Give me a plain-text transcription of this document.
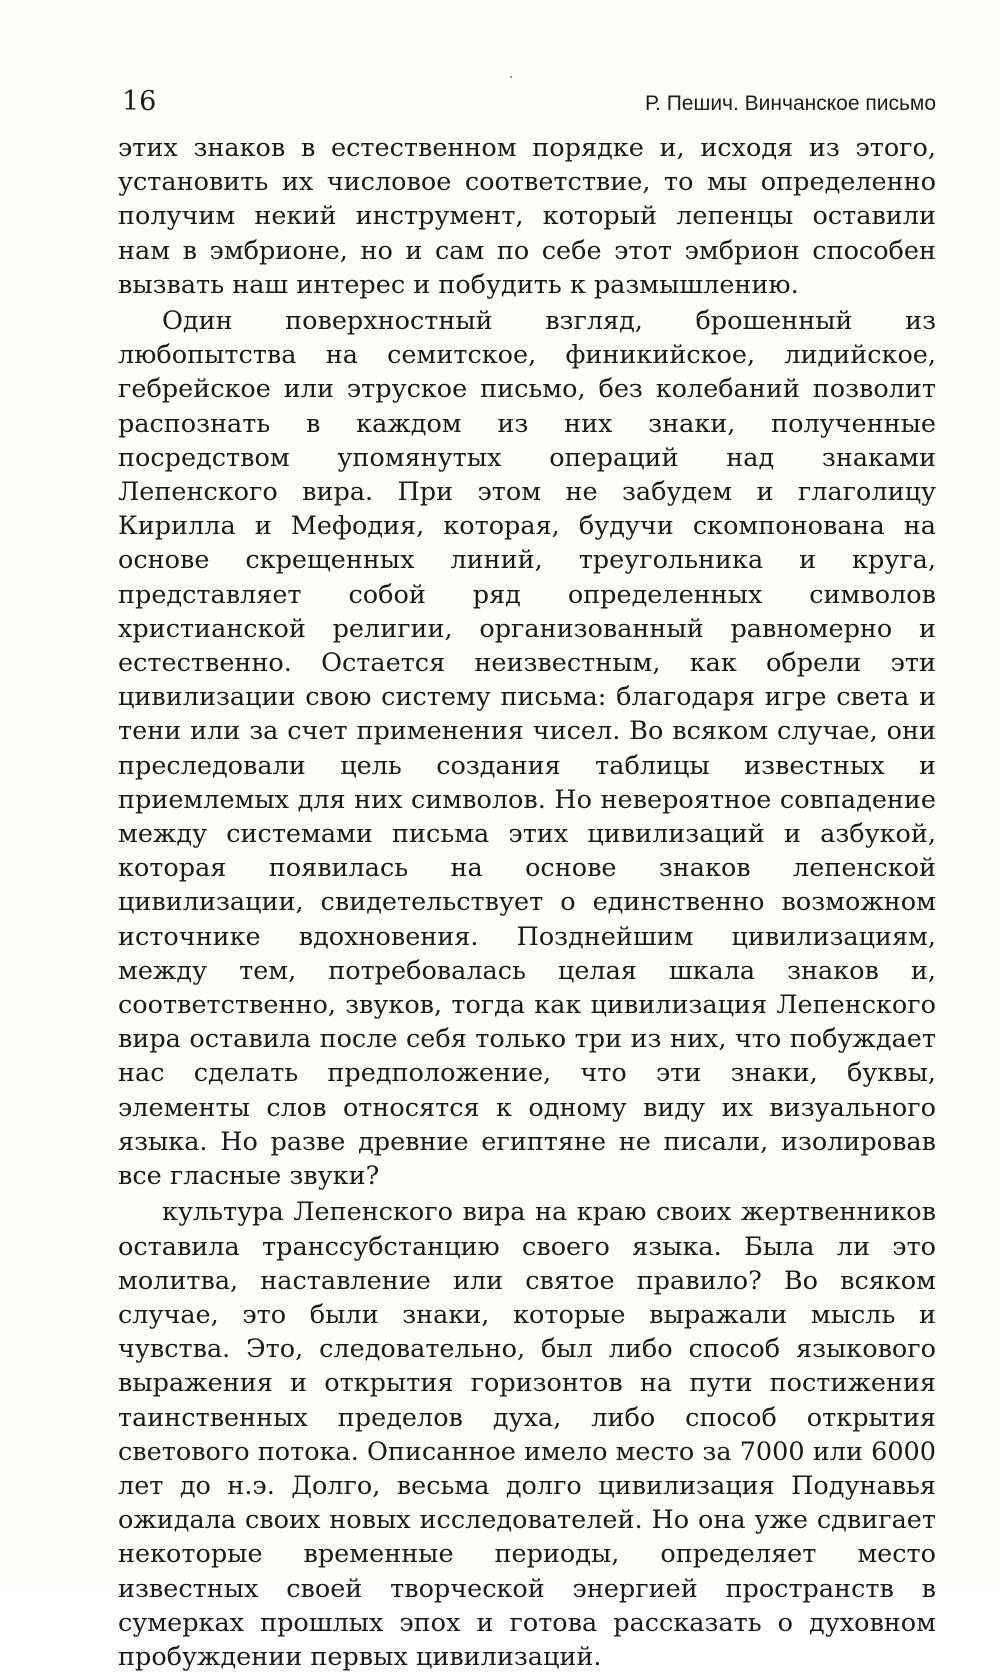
16	Р. Пешич. Винчанское письмо

этих знаков в естественном порядке и, исходя из этого, установить их числовое соответствие, то мы определенно получим некий инструмент, который лепенцы оставили нам в эмбрионе, но и сам по себе этот эмбрион способен вызвать наш интерес и побудить к размышлению.

Один поверхностный взгляд, брошенный из любопытства на семитское, финикийское, лидийское, гебрейское или этруское письмо, без колебаний позволит распознать в каждом из них знаки, полученные посредством упомянутых операций над знаками Лепенского вира. При этом не забудем и глаголицу Кирилла и Мефодия, которая, будучи скомпонована на основе скрещенных линий, треугольника и круга, представляет собой ряд определенных символов христианской религии, организованный равномерно и естественно. Остается неизвестным, как обрели эти цивилизации свою систему письма: благодаря игре света и тени или за счет применения чисел. Во всяком случае, они преследовали цель создания таблицы известных и приемлемых для них символов. Но невероятное совпадение между системами письма этих цивилизаций и азбукой, которая появилась на основе знаков лепенской цивилизации, свидетельствует о единственно возможном источнике вдохновения. Позднейшим цивилизациям, между тем, потребовалась целая шкала знаков и, соответственно, звуков, тогда как цивилизация Лепенского вира оставила после себя только три из них, что побуждает нас сделать предположение, что эти знаки, буквы, элементы слов относятся к одному виду их визуального языка. Но разве древние египтяне не писали, изолировав все гласные звуки?

культура Лепенского вира на краю своих жертвенников оставила транссубстанцию своего языка. Была ли это молитва, наставление или святое правило? Во всяком случае, это были знаки, которые выражали мысль и чувства. Это, следовательно, был либо способ языкового выражения и открытия горизонтов на пути постижения таинственных пределов духа, либо способ открытия светового потока. Описанное имело место за 7000 или 6000 лет до н.э. Долго, весьма долго цивилизация Подунавья ожидала своих новых исследователей. Но она уже сдвигает некоторые временные периоды, определяет место известных своей творческой энергией пространств в сумерках прошлых эпох и готова рассказать о духовном пробуждении первых цивилизаций.
